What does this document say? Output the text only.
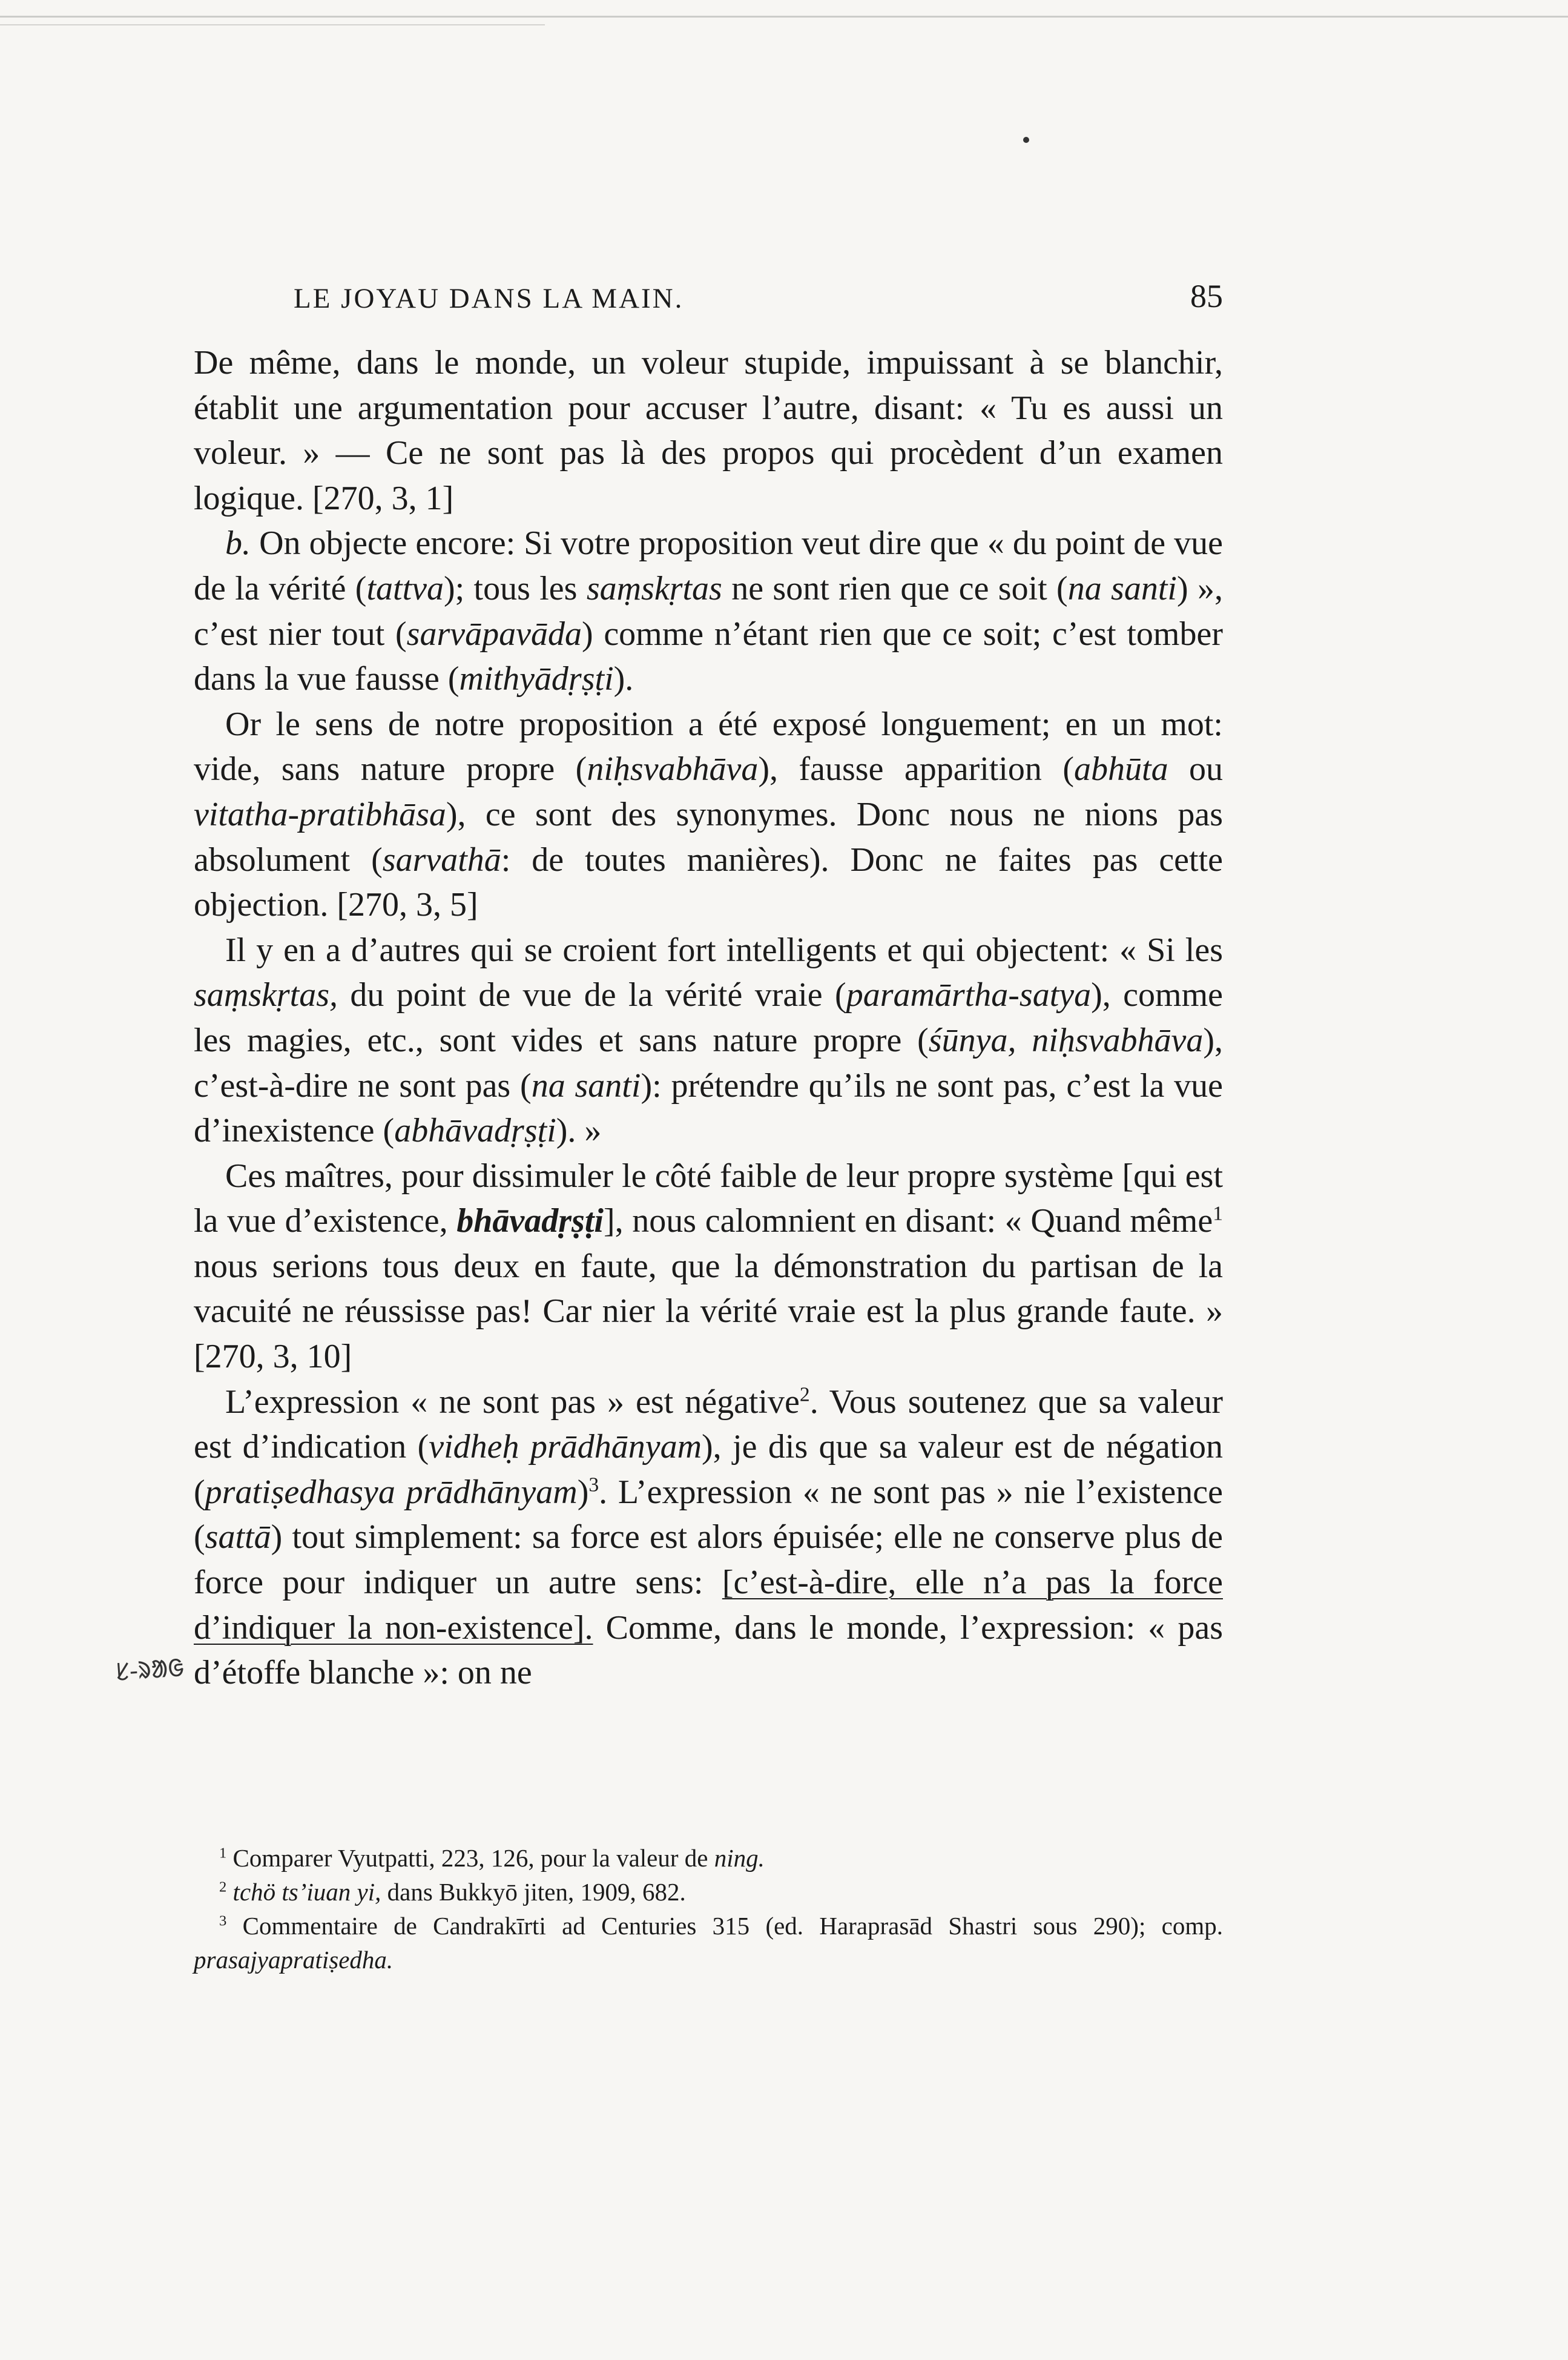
LE JOYAU DANS LA MAIN.	85

De même, dans le monde, un voleur stupide, impuissant à se blanchir, établit une argumentation pour accuser l’autre, disant: « Tu es aussi un voleur. » — Ce ne sont pas là des propos qui procèdent d’un examen logique. [270, 3, 1]

b. On objecte encore: Si votre proposition veut dire que « du point de vue de la vérité (tattva); tous les saṃskṛtas ne sont rien que ce soit (na santi) », c’est nier tout (sarvāpavāda) comme n’étant rien que ce soit; c’est tomber dans la vue fausse (mithyādṛṣṭi).

Or le sens de notre proposition a été exposé longuement; en un mot: vide, sans nature propre (niḥsvabhāva), fausse apparition (abhūta ou vitatha-pratibhāsa), ce sont des synonymes. Donc nous ne nions pas absolument (sarvathā: de toutes manières). Donc ne faites pas cette objection. [270, 3, 5]

Il y en a d’autres qui se croient fort intelligents et qui objectent: « Si les saṃskṛtas, du point de vue de la vérité vraie (paramārtha-satya), comme les magies, etc., sont vides et sans nature propre (śūnya, niḥsvabhāva), c’est-à-dire ne sont pas (na santi): prétendre qu’ils ne sont pas, c’est la vue d’inexistence (abhāvadṛṣṭi). »

Ces maîtres, pour dissimuler le côté faible de leur propre système [qui est la vue d’existence, bhāvadṛṣṭi], nous calomnient en disant: « Quand même$^1$ nous serions tous deux en faute, que la démonstration du partisan de la vacuité ne réussisse pas! Car nier la vérité vraie est la plus grande faute. » [270, 3, 10]

L’expression « ne sont pas » est négative$^2$. Vous soutenez que sa valeur est d’indication (vidheḥ prādhānyam), je dis que sa valeur est de négation (pratiṣedhasya prādhānyam)$^3$. L’expression « ne sont pas » nie l’existence (sattā) tout simplement: sa force est alors épuisée; elle ne conserve plus de force pour indiquer un autre sens: [c’est-à-dire, elle n’a pas la force d’indiquer la non-existence]. Comme, dans le monde, l’expression: « pas d’étoffe blanche »: on ne

ᱥ-ᱨᱟᱜ

$^1$ Comparer Vyutpatti, 223, 126, pour la valeur de ning.

$^2$ tchö ts’iuan yi, dans Bukkyō jiten, 1909, 682.

$^3$ Commentaire de Candrakīrti ad Centuries 315 (ed. Haraprasād Shastri sous 290); comp. prasajyapratiṣedha.
